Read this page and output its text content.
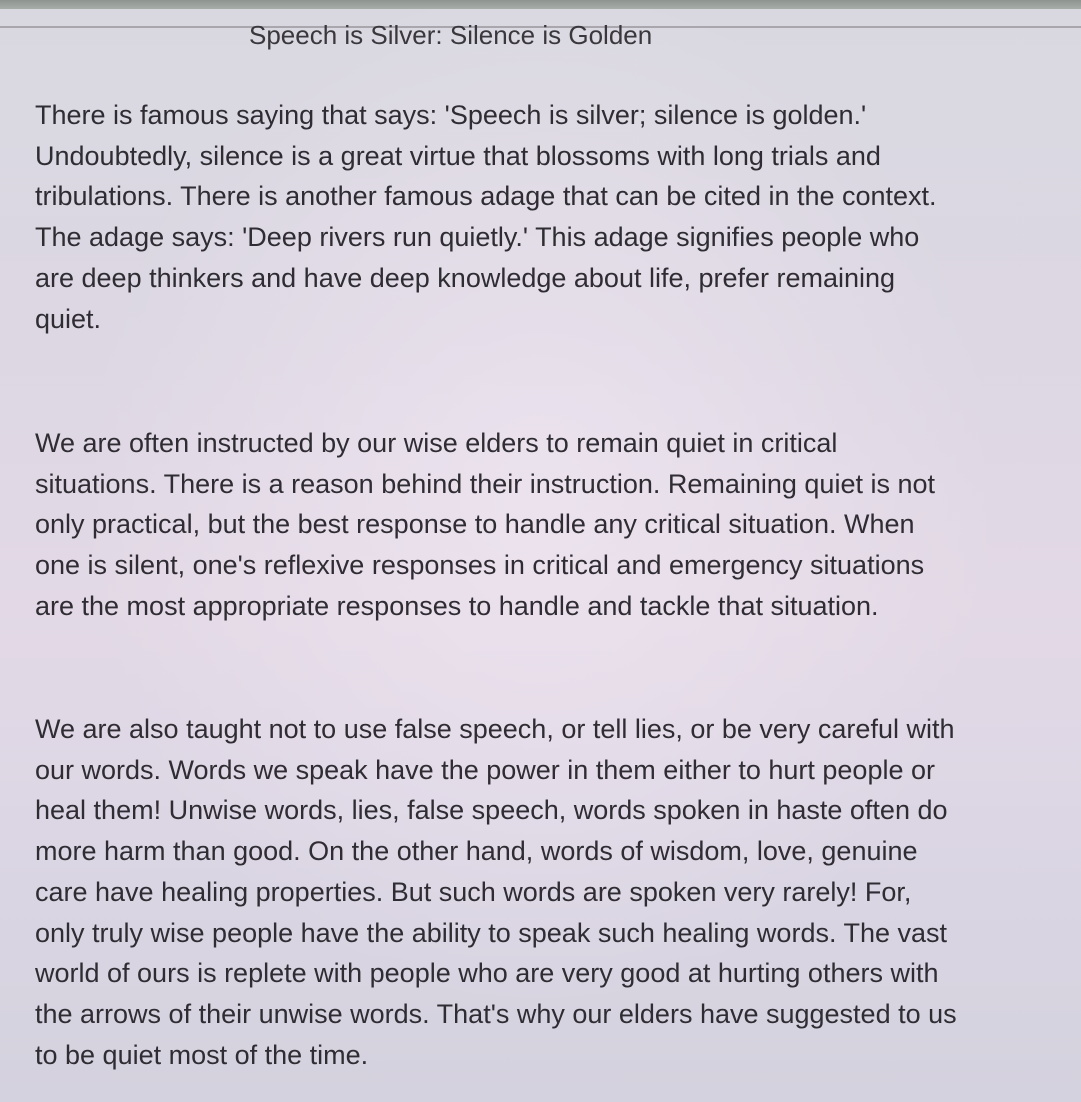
Speech is Silver: Silence is Golden

There is famous saying that says: 'Speech is silver; silence is golden.'
Undoubtedly, silence is a great virtue that blossoms with long trials and
tribulations. There is another famous adage that can be cited in the context.
The adage says: 'Deep rivers run quietly.' This adage signifies people who
are deep thinkers and have deep knowledge about life, prefer remaining
quiet.

We are often instructed by our wise elders to remain quiet in critical
situations. There is a reason behind their instruction. Remaining quiet is not
only practical, but the best response to handle any critical situation. When
one is silent, one's reflexive responses in critical and emergency situations
are the most appropriate responses to handle and tackle that situation.

We are also taught not to use false speech, or tell lies, or be very careful with
our words. Words we speak have the power in them either to hurt people or
heal them! Unwise words, lies, false speech, words spoken in haste often do
more harm than good. On the other hand, words of wisdom, love, genuine
care have healing properties. But such words are spoken very rarely! For,
only truly wise people have the ability to speak such healing words. The vast
world of ours is replete with people who are very good at hurting others with
the arrows of their unwise words. That's why our elders have suggested to us
to be quiet most of the time.
